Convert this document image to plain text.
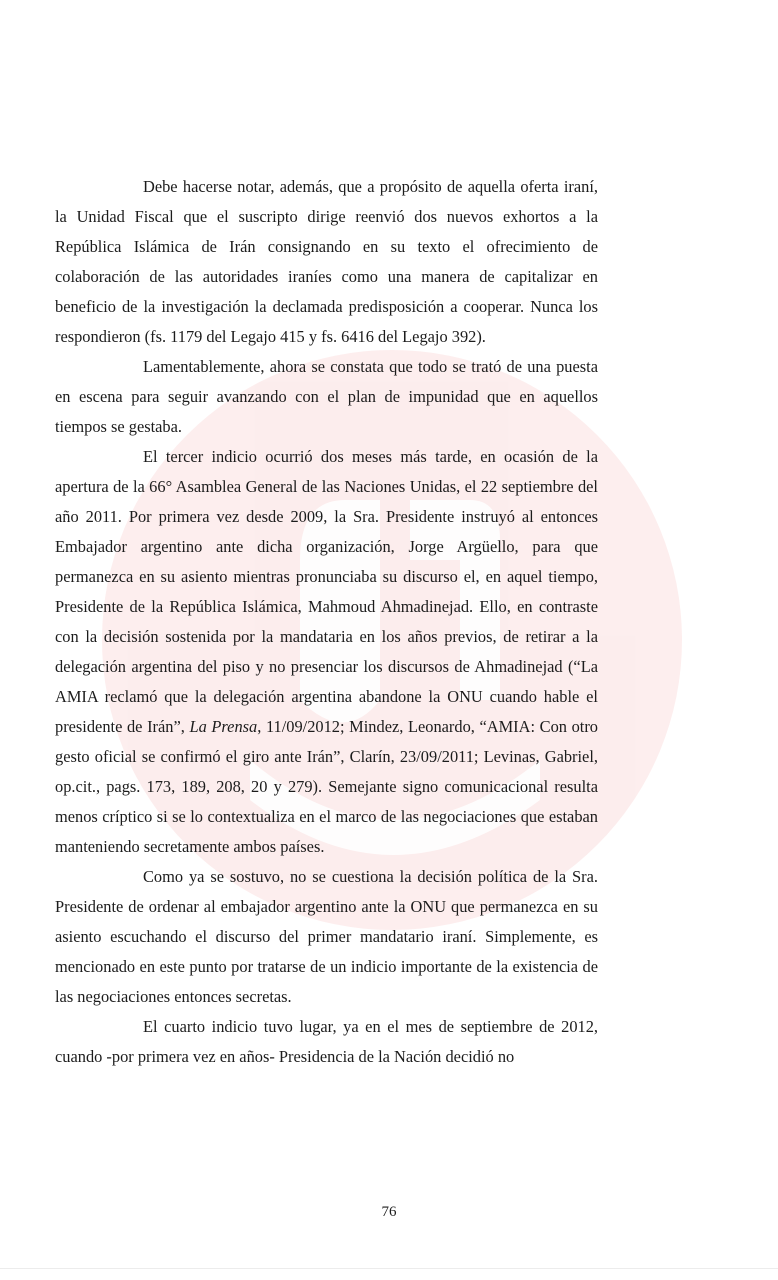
Debe hacerse notar, además, que a propósito de aquella oferta iraní, la Unidad Fiscal que el suscripto dirige reenvió dos nuevos exhortos a la República Islámica de Irán consignando en su texto el ofrecimiento de colaboración de las autoridades iraníes como una manera de capitalizar en beneficio de la investigación la declamada predisposición a cooperar. Nunca los respondieron (fs. 1179 del Legajo 415 y fs. 6416 del Legajo 392).

Lamentablemente, ahora se constata que todo se trató de una puesta en escena para seguir avanzando con el plan de impunidad que en aquellos tiempos se gestaba.

El tercer indicio ocurrió dos meses más tarde, en ocasión de la apertura de la 66° Asamblea General de las Naciones Unidas, el 22 septiembre del año 2011. Por primera vez desde 2009, la Sra. Presidente instruyó al entonces Embajador argentino ante dicha organización, Jorge Argüello, para que permanezca en su asiento mientras pronunciaba su discurso el, en aquel tiempo, Presidente de la República Islámica, Mahmoud Ahmadinejad. Ello, en contraste con la decisión sostenida por la mandataria en los años previos, de retirar a la delegación argentina del piso y no presenciar los discursos de Ahmadinejad (“La AMIA reclamó que la delegación argentina abandone la ONU cuando hable el presidente de Irán”, La Prensa, 11/09/2012; Mindez, Leonardo, “AMIA: Con otro gesto oficial se confirmó el giro ante Irán”, Clarín, 23/09/2011; Levinas, Gabriel, op.cit., pags. 173, 189, 208, 20 y 279). Semejante signo comunicacional resulta menos críptico si se lo contextualiza en el marco de las negociaciones que estaban manteniendo secretamente ambos países.

Como ya se sostuvo, no se cuestiona la decisión política de la Sra. Presidente de ordenar al embajador argentino ante la ONU que permanezca en su asiento escuchando el discurso del primer mandatario iraní. Simplemente, es mencionado en este punto por tratarse de un indicio importante de la existencia de las negociaciones entonces secretas.

El cuarto indicio tuvo lugar, ya en el mes de septiembre de 2012, cuando -por primera vez en años- Presidencia de la Nación decidió no

76
